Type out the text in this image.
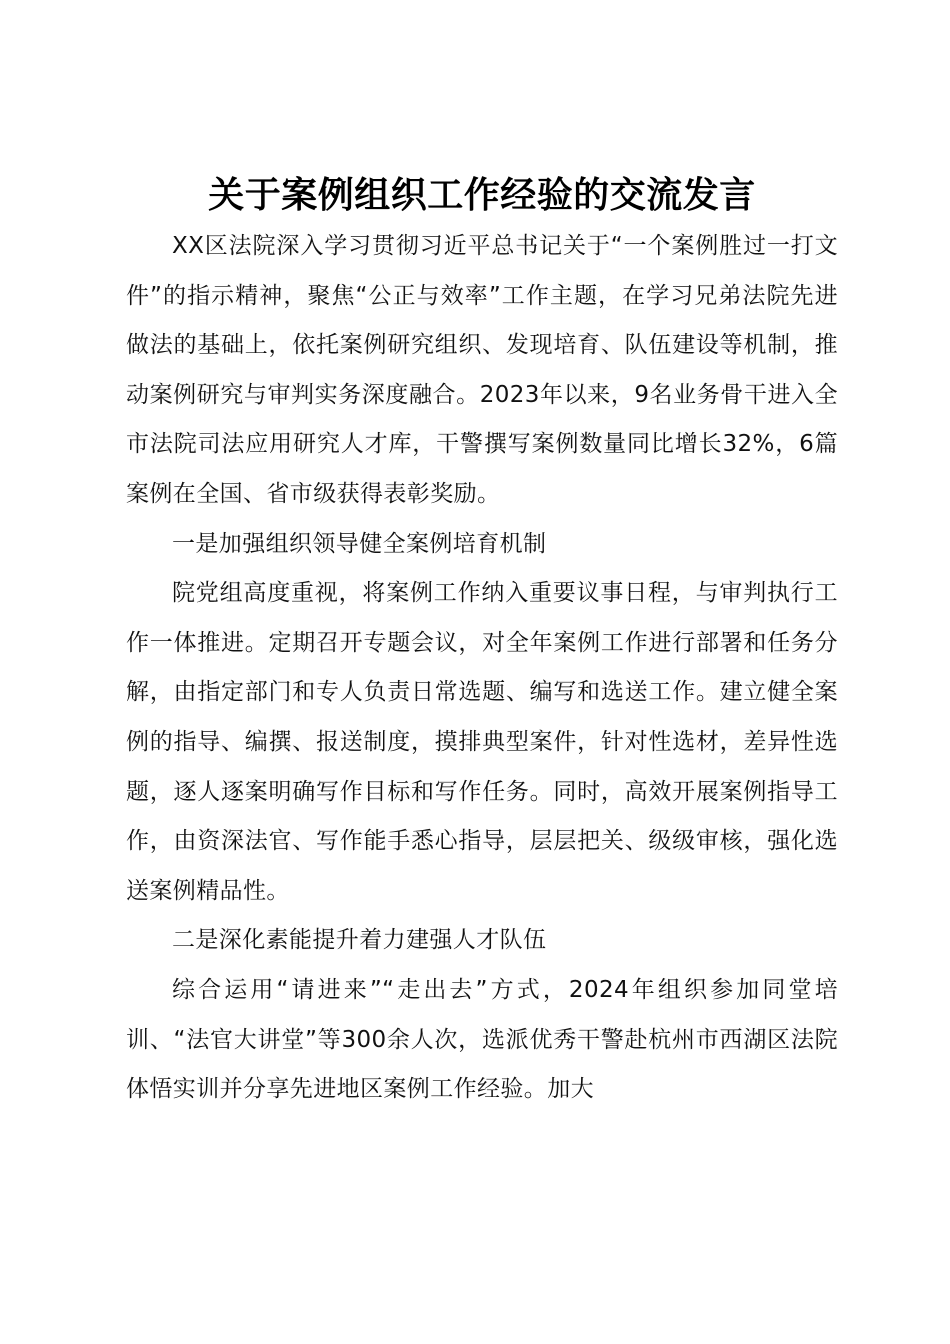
关于案例组织工作经验的交流发言

XX区法院深入学习贯彻习近平总书记关于“一个案例胜过一打文件”的指示精神，聚焦“公正与效率”工作主题，在学习兄弟法院先进做法的基础上，依托案例研究组织、发现培育、队伍建设等机制，推动案例研究与审判实务深度融合。2023年以来，9名业务骨干进入全市法院司法应用研究人才库，干警撰写案例数量同比增长32%，6篇案例在全国、省市级获得表彰奖励。

一是加强组织领导健全案例培育机制

院党组高度重视，将案例工作纳入重要议事日程，与审判执行工作一体推进。定期召开专题会议，对全年案例工作进行部署和任务分解，由指定部门和专人负责日常选题、编写和选送工作。建立健全案例的指导、编撰、报送制度，摸排典型案件，针对性选材，差异性选题，逐人逐案明确写作目标和写作任务。同时，高效开展案例指导工作，由资深法官、写作能手悉心指导，层层把关、级级审核，强化选送案例精品性。

二是深化素能提升着力建强人才队伍

综合运用“请进来”“走出去”方式，2024年组织参加同堂培训、“法官大讲堂”等300余人次，选派优秀干警赴杭州市西湖区法院体悟实训并分享先进地区案例工作经验。加大
